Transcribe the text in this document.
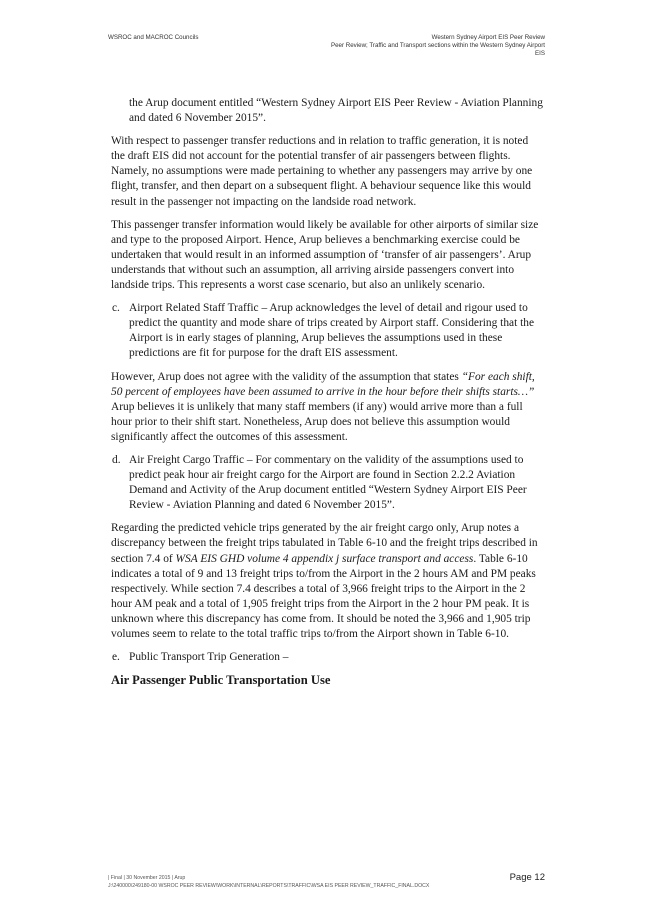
WSROC and MACROC Councils	Western Sydney Airport EIS Peer Review
Peer Review; Traffic and Transport sections within the Western Sydney Airport
EIS

the Arup document entitled “Western Sydney Airport EIS Peer Review - Aviation Planning and dated 6 November 2015”.

With respect to passenger transfer reductions and in relation to traffic generation, it is noted the draft EIS did not account for the potential transfer of air passengers between flights. Namely, no assumptions were made pertaining to whether any passengers may arrive by one flight, transfer, and then depart on a subsequent flight. A behaviour sequence like this would result in the passenger not impacting on the landside road network.

This passenger transfer information would likely be available for other airports of similar size and type to the proposed Airport. Hence, Arup believes a benchmarking exercise could be undertaken that would result in an informed assumption of ‘transfer of air passengers’. Arup understands that without such an assumption, all arriving airside passengers convert into landside trips. This represents a worst case scenario, but also an unlikely scenario.

c. Airport Related Staff Traffic – Arup acknowledges the level of detail and rigour used to predict the quantity and mode share of trips created by Airport staff. Considering that the Airport is in early stages of planning, Arup believes the assumptions used in these predictions are fit for purpose for the draft EIS assessment.

However, Arup does not agree with the validity of the assumption that states “For each shift, 50 percent of employees have been assumed to arrive in the hour before their shifts starts…” Arup believes it is unlikely that many staff members (if any) would arrive more than a full hour prior to their shift start. Nonetheless, Arup does not believe this assumption would significantly affect the outcomes of this assessment.

d. Air Freight Cargo Traffic – For commentary on the validity of the assumptions used to predict peak hour air freight cargo for the Airport are found in Section 2.2.2 Aviation Demand and Activity of the Arup document entitled “Western Sydney Airport EIS Peer Review - Aviation Planning and dated 6 November 2015”.

Regarding the predicted vehicle trips generated by the air freight cargo only, Arup notes a discrepancy between the freight trips tabulated in Table 6-10 and the freight trips described in section 7.4 of WSA EIS GHD volume 4 appendix j surface transport and access. Table 6-10 indicates a total of 9 and 13 freight trips to/from the Airport in the 2 hours AM and PM peaks respectively. While section 7.4 describes a total of 3,966 freight trips to the Airport in the 2 hour AM peak and a total of 1,905 freight trips from the Airport in the 2 hour PM peak. It is unknown where this discrepancy has come from. It should be noted the 3,966 and 1,905 trip volumes seem to relate to the total traffic trips to/from the Airport shown in Table 6-10.

e. Public Transport Trip Generation –

Air Passenger Public Transportation Use

| Final | 30 November 2015 | Arup
J:\240000\249180-00 WSROC PEER REVIEW\WORK\INTERNAL\REPORTS\TRAFFIC\WSA EIS PEER REVIEW_TRAFFIC_FINAL.DOCX
Page 12
